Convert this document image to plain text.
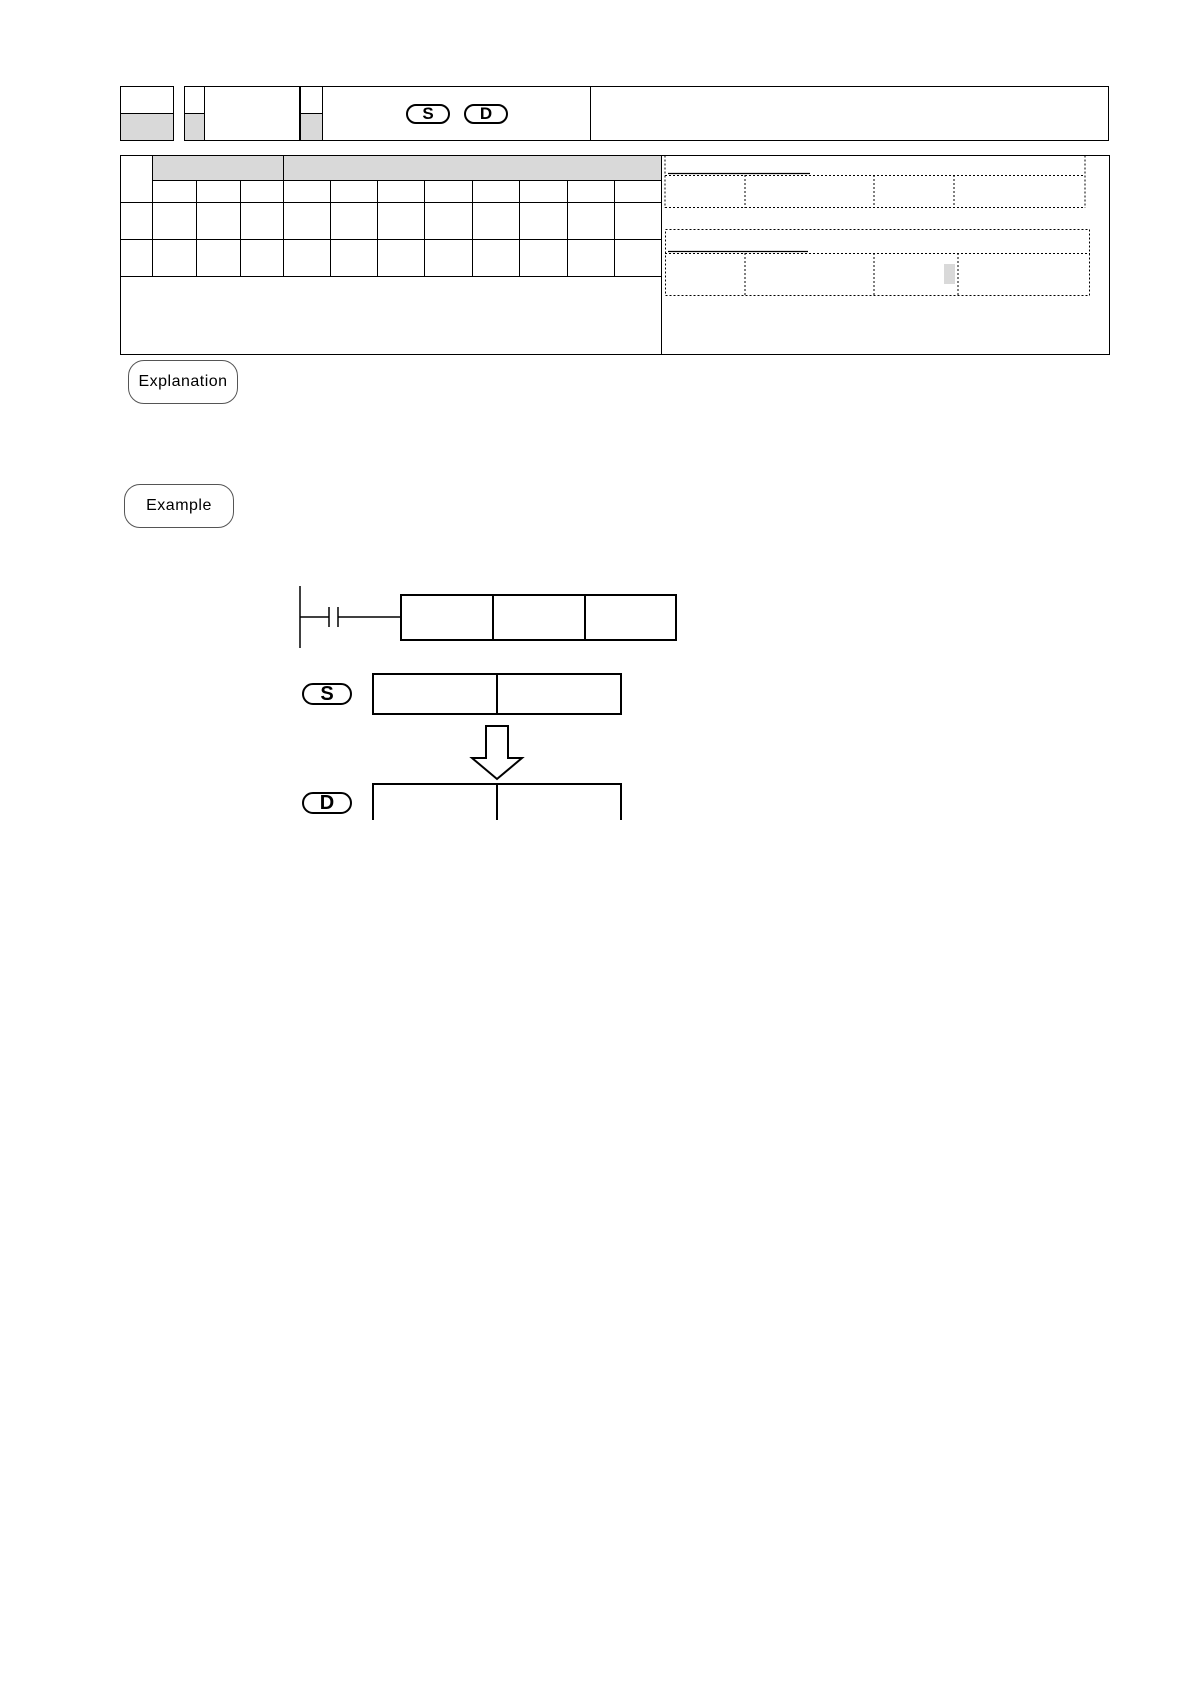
S	D
Explanation
Example
S
D
